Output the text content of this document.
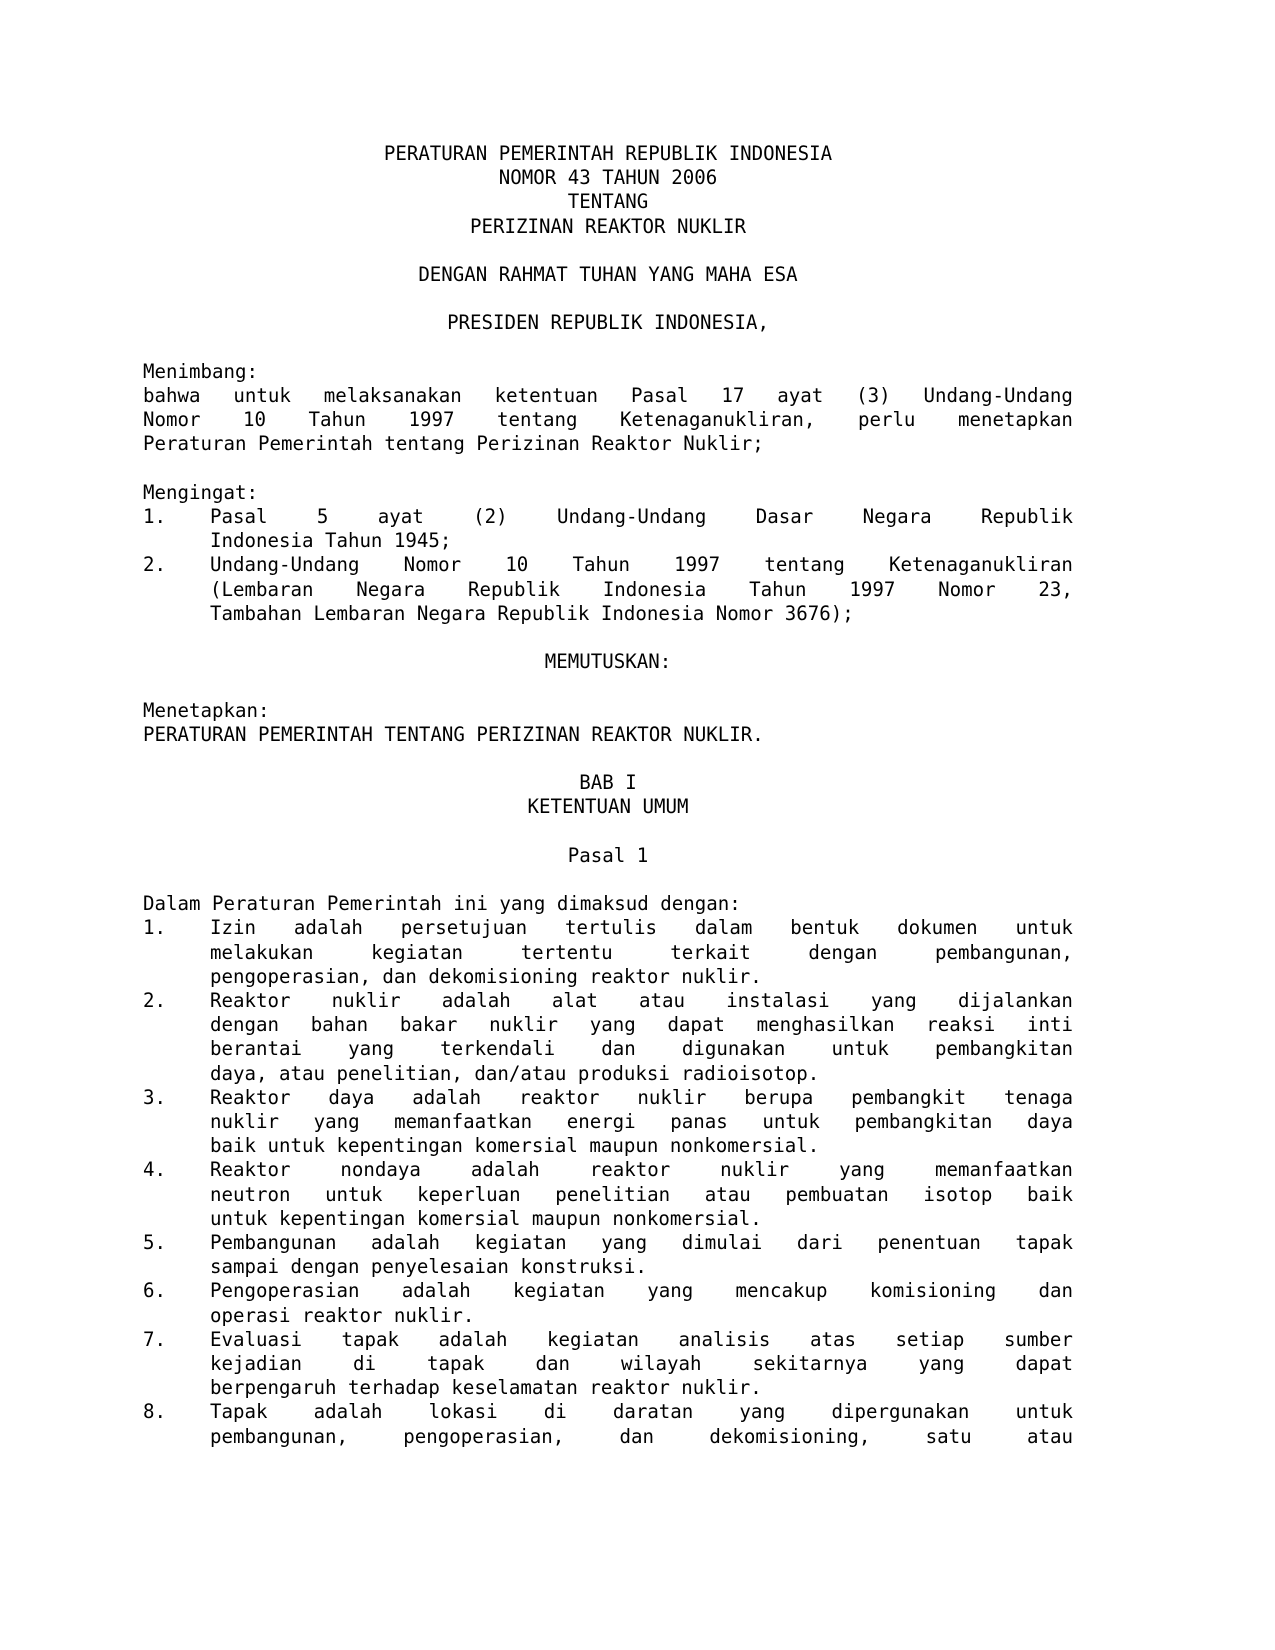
PERATURAN PEMERINTAH REPUBLIK INDONESIA
NOMOR 43 TAHUN 2006
TENTANG
PERIZINAN REAKTOR NUKLIR
DENGAN RAHMAT TUHAN YANG MAHA ESA
PRESIDEN REPUBLIK INDONESIA,
Menimbang:
bahwa untuk melaksanakan ketentuan Pasal 17 ayat (3) Undang-Undang
Nomor 10 Tahun 1997 tentang Ketenaganukliran, perlu menetapkan
Peraturan Pemerintah tentang Perizinan Reaktor Nuklir;
Mengingat:
1. Pasal	5	ayat	(2)	Undang-Undang	Dasar	Negara	Republik
Indonesia Tahun 1945;
2. Undang-Undang Nomor 10 Tahun 1997 tentang Ketenaganukliran
(Lembaran Negara Republik Indonesia Tahun 1997 Nomor 23,
Tambahan Lembaran Negara Republik Indonesia Nomor 3676);
MEMUTUSKAN:
Menetapkan:
PERATURAN PEMERINTAH TENTANG PERIZINAN REAKTOR NUKLIR.
BAB I
KETENTUAN UMUM
Pasal 1
Dalam Peraturan Pemerintah ini yang dimaksud dengan:
1. Izin adalah persetujuan tertulis dalam bentuk dokumen untuk
melakukan	kegiatan	tertentu	terkait	dengan	pembangunan,
pengoperasian, dan dekomisioning reaktor nuklir.
2. Reaktor nuklir adalah alat atau instalasi yang dijalankan
dengan bahan bakar nuklir yang dapat menghasilkan reaksi inti
berantai yang terkendali dan digunakan untuk pembangkitan
daya, atau penelitian, dan/atau produksi radioisotop.
3. Reaktor daya adalah reaktor nuklir berupa pembangkit tenaga
nuklir yang memanfaatkan energi panas untuk pembangkitan daya
baik untuk kepentingan komersial maupun nonkomersial.
4. Reaktor	nondaya	adalah	reaktor	nuklir	yang	memanfaatkan
neutron untuk keperluan penelitian atau pembuatan isotop baik
untuk kepentingan komersial maupun nonkomersial.
5. Pembangunan adalah kegiatan yang dimulai dari penentuan tapak
sampai dengan penyelesaian konstruksi.
6. Pengoperasian adalah kegiatan yang mencakup komisioning dan
operasi reaktor nuklir.
7. Evaluasi tapak adalah kegiatan analisis atas setiap sumber
kejadian	di	tapak	dan	wilayah	sekitarnya	yang	dapat
berpengaruh terhadap keselamatan reaktor nuklir.
8. Tapak adalah lokasi di daratan yang dipergunakan untuk
pembangunan,	pengoperasian,	dan	dekomisioning,	satu	atau
